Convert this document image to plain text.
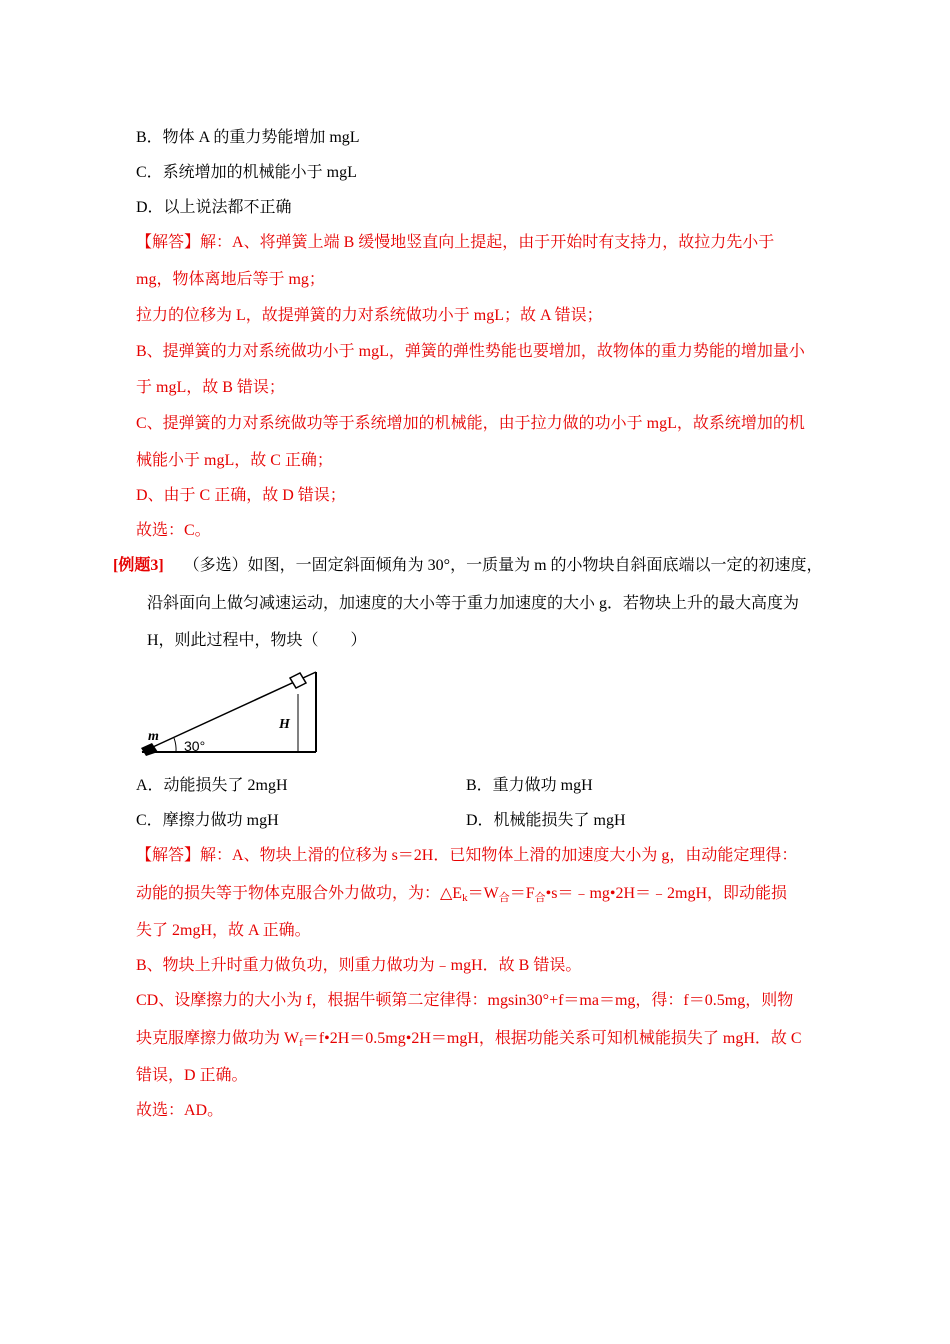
B．物体 A 的重力势能增加 mgL
C．系统增加的机械能小于 mgL
D．以上说法都不正确
【解答】解：A、将弹簧上端 B 缓慢地竖直向上提起，由于开始时有支持力，故拉力先小于
mg，物体离地后等于 mg；
拉力的位移为 L，故提弹簧的力对系统做功小于 mgL；故 A 错误；
B、提弹簧的力对系统做功小于 mgL，弹簧的弹性势能也要增加，故物体的重力势能的增加量小
于 mgL，故 B 错误；
C、提弹簧的力对系统做功等于系统增加的机械能，由于拉力做的功小于 mgL，故系统增加的机
械能小于 mgL，故 C 正确；
D、由于 C 正确，故 D 错误；
故选：C。
[例题3] （多选）如图，一固定斜面倾角为 30°，一质量为 m 的小物块自斜面底端以一定的初速度，
沿斜面向上做匀减速运动，加速度的大小等于重力加速度的大小 g．若物块上升的最大高度为
H，则此过程中，物块（　　）
m
30°
H
A．动能损失了 2mgH	B．重力做功 mgH
C．摩擦力做功 mgH	D．机械能损失了 mgH
【解答】解：A、物块上滑的位移为 s＝2H．已知物体上滑的加速度大小为 g，由动能定理得：
动能的损失等于物体克服合外力做功，为：$\triangle E_k=W_合=F_合•s=﹣mg•2H=﹣2mgH$，即动能损
失了 2mgH，故 A 正确。
B、物块上升时重力做负功，则重力做功为﹣mgH．故 B 错误。
CD、设摩擦力的大小为 f，根据牛顿第二定律得：mgsin30°+f＝ma＝mg，得：f＝0.5mg，则物
块克服摩擦力做功为 $W_f=f•2H=0.5mg•2H=mgH$，根据功能关系可知机械能损失了 mgH．故 C
错误，D 正确。
故选：AD。
